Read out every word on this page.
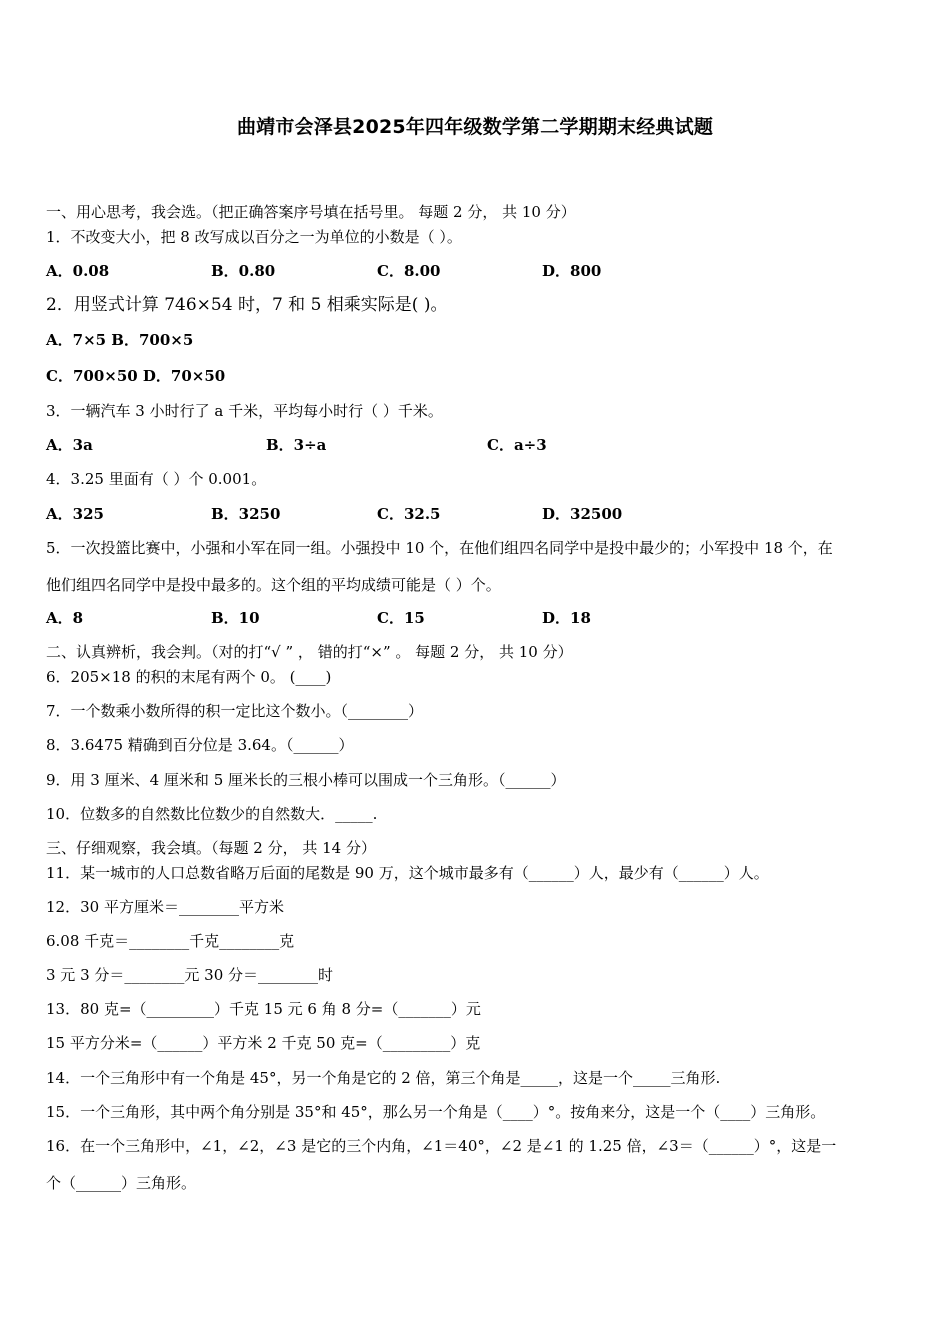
曲靖市会泽县2025年四年级数学第二学期期末经典试题
一、用心思考，我会选。（把正确答案序号填在括号里。 每题 2 分， 共 10 分）
1．不改变大小，把 8 改写成以百分之一为单位的小数是（ ）。
A．0.08	B．0.80	C．8.00	D．800
2．用竖式计算 746×54 时，7 和 5 相乘实际是( )。
A．7×5 B．700×5
C．700×50 D．70×50
3．一辆汽车 3 小时行了 a 千米，平均每小时行（ ）千米。
A．3a	B．3÷a	C．a÷3
4．3.25 里面有（ ）个 0.001。
A．325	B．3250	C．32.5	D．32500
5．一次投篮比赛中，小强和小军在同一组。小强投中 10 个，在他们组四名同学中是投中最少的；小军投中 18 个，在
他们组四名同学中是投中最多的。这个组的平均成绩可能是（ ）个。
A．8	B．10	C．15	D．18
二、认真辨析，我会判。（对的打“√ ” ， 错的打“×” 。 每题 2 分， 共 10 分）
6．205×18 的积的末尾有两个 0。 (____)
7．一个数乘小数所得的积一定比这个数小。（________）
8．3.6475 精确到百分位是 3.64。（______）
9．用 3 厘米、4 厘米和 5 厘米长的三根小棒可以围成一个三角形。（______）
10．位数多的自然数比位数少的自然数大．_____.
三、仔细观察，我会填。（每题 2 分， 共 14 分）
11．某一城市的人口总数省略万后面的尾数是 90 万，这个城市最多有（______）人，最少有（______）人。
12．30 平方厘米＝________平方米
6.08 千克＝________千克________克
3 元 3 分＝________元 30 分＝________时
13．80 克=（_________）千克 15 元 6 角 8 分=（_______）元
15 平方分米=（______）平方米 2 千克 50 克=（_________）克
14．一个三角形中有一个角是 45°，另一个角是它的 2 倍，第三个角是_____，这是一个_____三角形.
15．一个三角形，其中两个角分别是 35°和 45°，那么另一个角是（____）°。按角来分，这是一个（____）三角形。
16．在一个三角形中，∠1，∠2，∠3 是它的三个内角，∠1＝40°，∠2 是∠1 的 1.25 倍，∠3＝（______）°，这是一
个（______）三角形。
